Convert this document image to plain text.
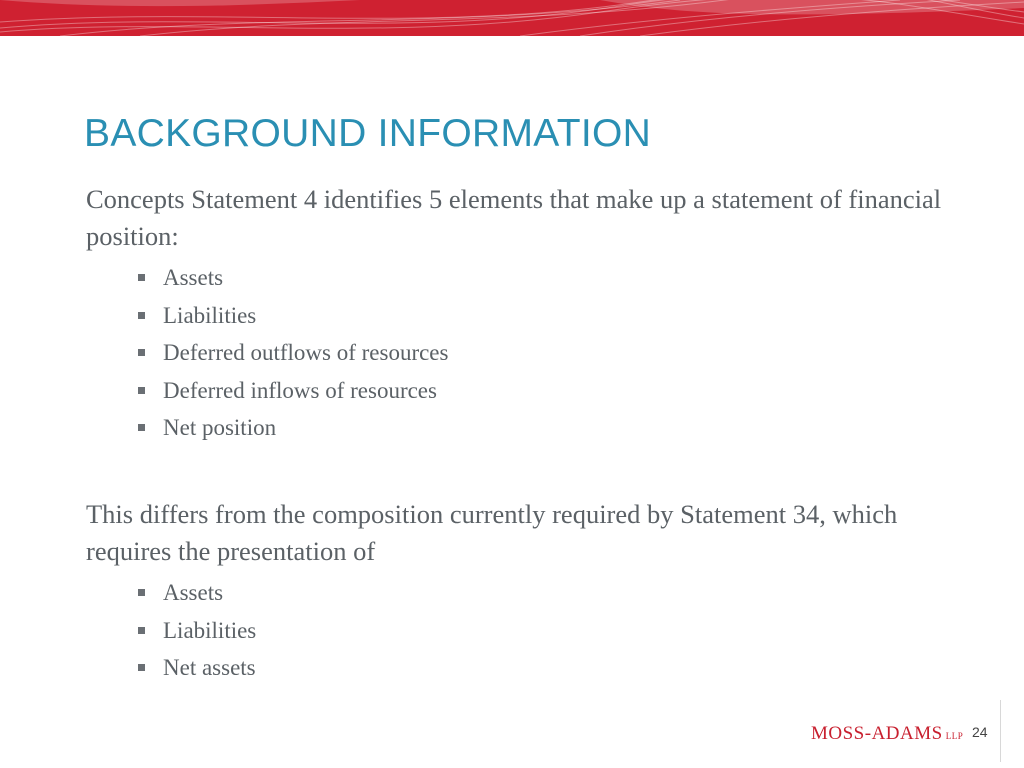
BACKGROUND INFORMATION
Concepts Statement 4 identifies 5 elements that make up a statement of financial position:
Assets
Liabilities
Deferred outflows of resources
Deferred inflows of resources
Net position
This differs from the composition currently required by Statement 34, which requires the presentation of
Assets
Liabilities
Net assets
MOSS-ADAMS LLP 24
